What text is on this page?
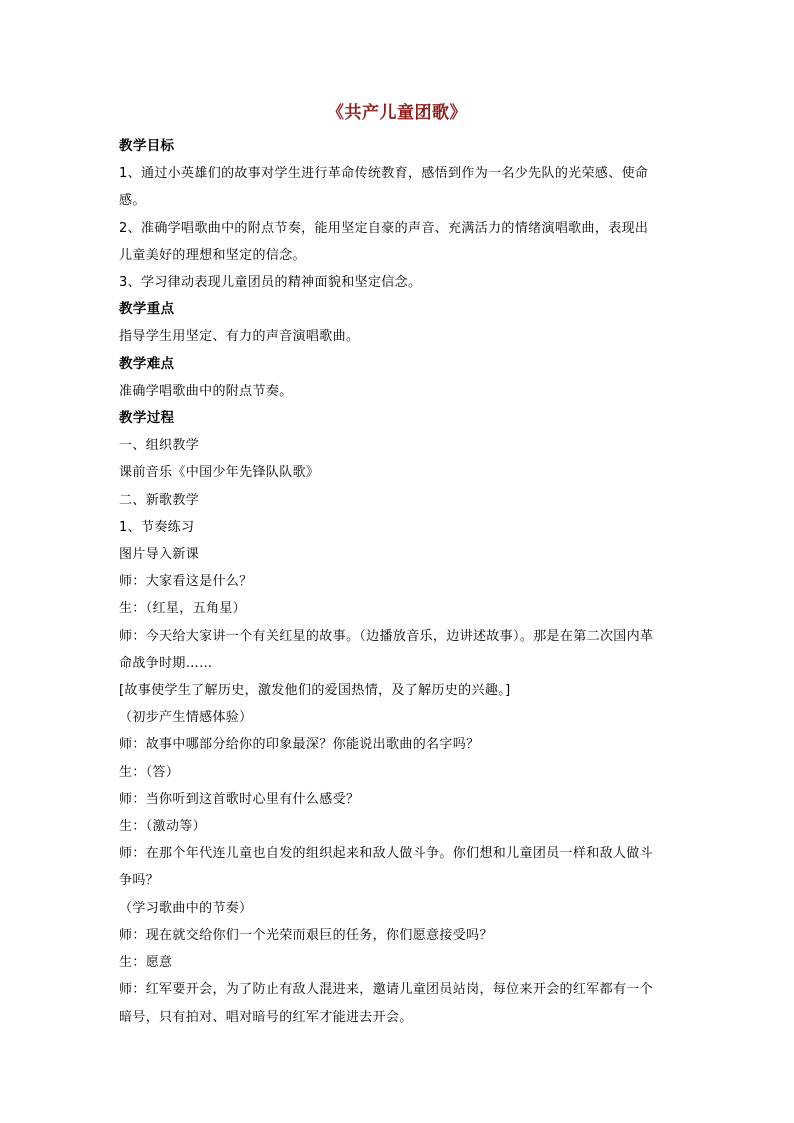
《共产儿童团歌》
教学目标
1、通过小英雄们的故事对学生进行革命传统教育，感悟到作为一名少先队的光荣感、使命
感。
2、准确学唱歌曲中的附点节奏，能用坚定自豪的声音、充满活力的情绪演唱歌曲，表现出
儿童美好的理想和坚定的信念。
3、学习律动表现儿童团员的精神面貌和坚定信念。
教学重点
指导学生用坚定、有力的声音演唱歌曲。
教学难点
准确学唱歌曲中的附点节奏。
教学过程
一、组织教学
课前音乐《中国少年先锋队队歌》
二、新歌教学
1、节奏练习
图片导入新课
师：大家看这是什么？
生：（红星，五角星）
师：今天给大家讲一个有关红星的故事。（边播放音乐，边讲述故事）。那是在第二次国内革
命战争时期……
[故事使学生了解历史，激发他们的爱国热情，及了解历史的兴趣。]
（初步产生情感体验）
师：故事中哪部分给你的印象最深？你能说出歌曲的名字吗？
生：（答）
师：当你听到这首歌时心里有什么感受？
生：（激动等）
师：在那个年代连儿童也自发的组织起来和敌人做斗争。你们想和儿童团员一样和敌人做斗
争吗？
（学习歌曲中的节奏）
师：现在就交给你们一个光荣而艰巨的任务，你们愿意接受吗？
生：愿意
师：红军要开会，为了防止有敌人混进来，邀请儿童团员站岗，每位来开会的红军都有一个
暗号，只有拍对、唱对暗号的红军才能进去开会。
